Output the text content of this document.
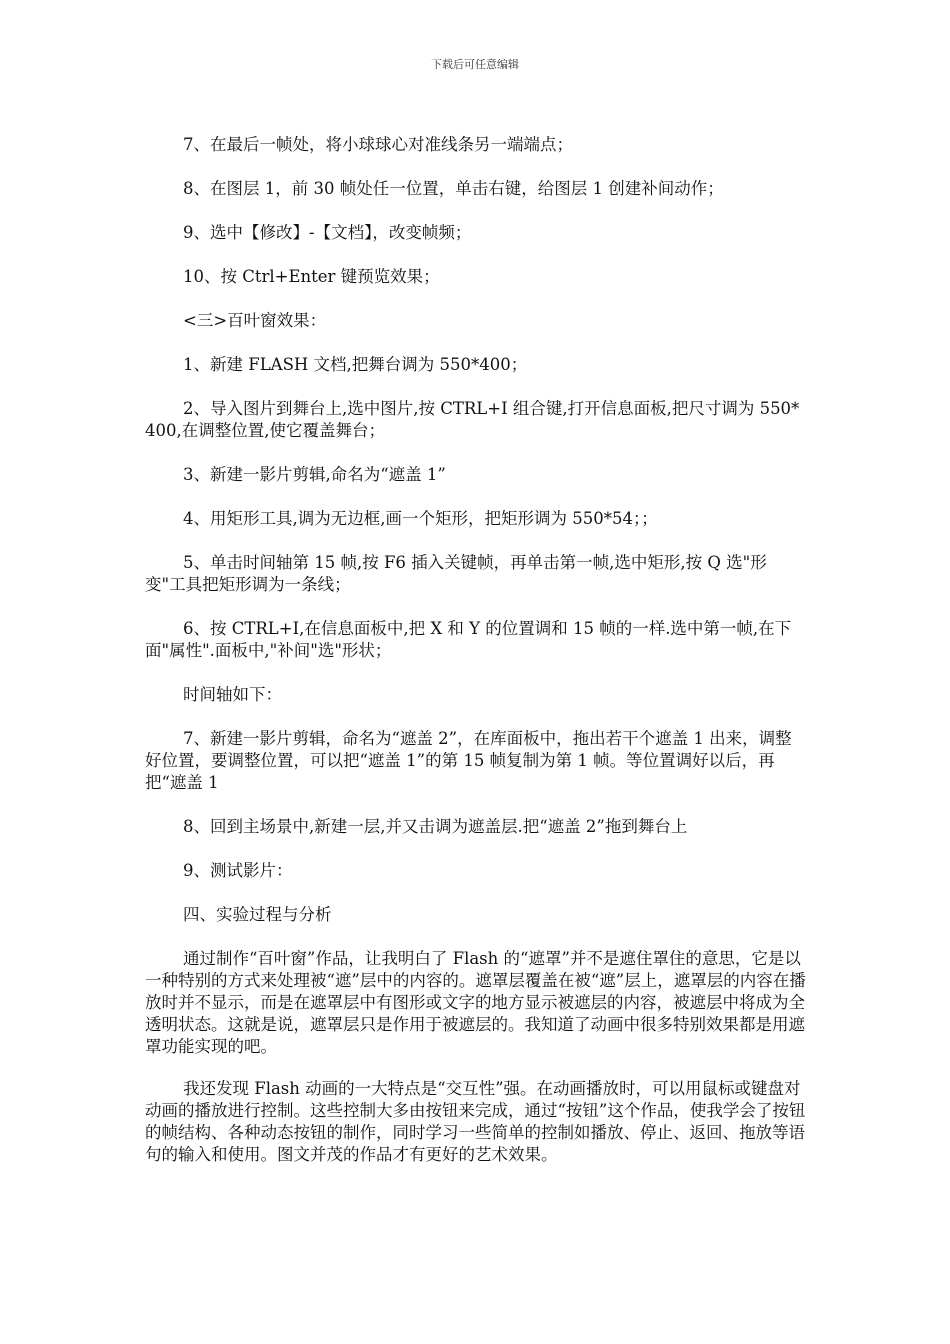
下载后可任意编辑

7、在最后一帧处，将小球球心对准线条另一端端点；

8、在图层 1，前 30 帧处任一位置，单击右键，给图层 1 创建补间动作；

9、选中【修改】-【文档】，改变帧频；

10、按 Ctrl+Enter 键预览效果；

<三>百叶窗效果：

1、新建 FLASH 文档,把舞台调为 550*400；

2、导入图片到舞台上,选中图片,按 CTRL+I 组合键,打开信息面板,把尺寸调为 550*400,在调整位置,使它覆盖舞台；

3、新建一影片剪辑,命名为“遮盖 1”

4、用矩形工具,调为无边框,画一个矩形，把矩形调为 550*54；；

5、单击时间轴第 15 帧,按 F6 插入关键帧，再单击第一帧,选中矩形,按 Q 选"形变"工具把矩形调为一条线；

6、按 CTRL+I,在信息面板中,把 X 和 Y 的位置调和 15 帧的一样.选中第一帧,在下面"属性".面板中,"补间"选"形状；

时间轴如下：

7、新建一影片剪辑，命名为“遮盖 2”，在库面板中，拖出若干个遮盖 1 出来，调整好位置，要调整位置，可以把“遮盖 1”的第 15 帧复制为第 1 帧。等位置调好以后，再把“遮盖 1

8、回到主场景中,新建一层,并又击调为遮盖层.把“遮盖 2”拖到舞台上

9、测试影片：

四、实验过程与分析

通过制作“百叶窗”作品，让我明白了 Flash 的“遮罩”并不是遮住罩住的意思，它是以一种特别的方式来处理被“遮”层中的内容的。遮罩层覆盖在被“遮”层上，遮罩层的内容在播放时并不显示，而是在遮罩层中有图形或文字的地方显示被遮层的内容，被遮层中将成为全透明状态。这就是说，遮罩层只是作用于被遮层的。我知道了动画中很多特别效果都是用遮罩功能实现的吧。

我还发现 Flash 动画的一大特点是“交互性”强。在动画播放时，可以用鼠标或键盘对动画的播放进行控制。这些控制大多由按钮来完成，通过“按钮”这个作品，使我学会了按钮的帧结构、各种动态按钮的制作，同时学习一些简单的控制如播放、停止、返回、拖放等语句的输入和使用。图文并茂的作品才有更好的艺术效果。
